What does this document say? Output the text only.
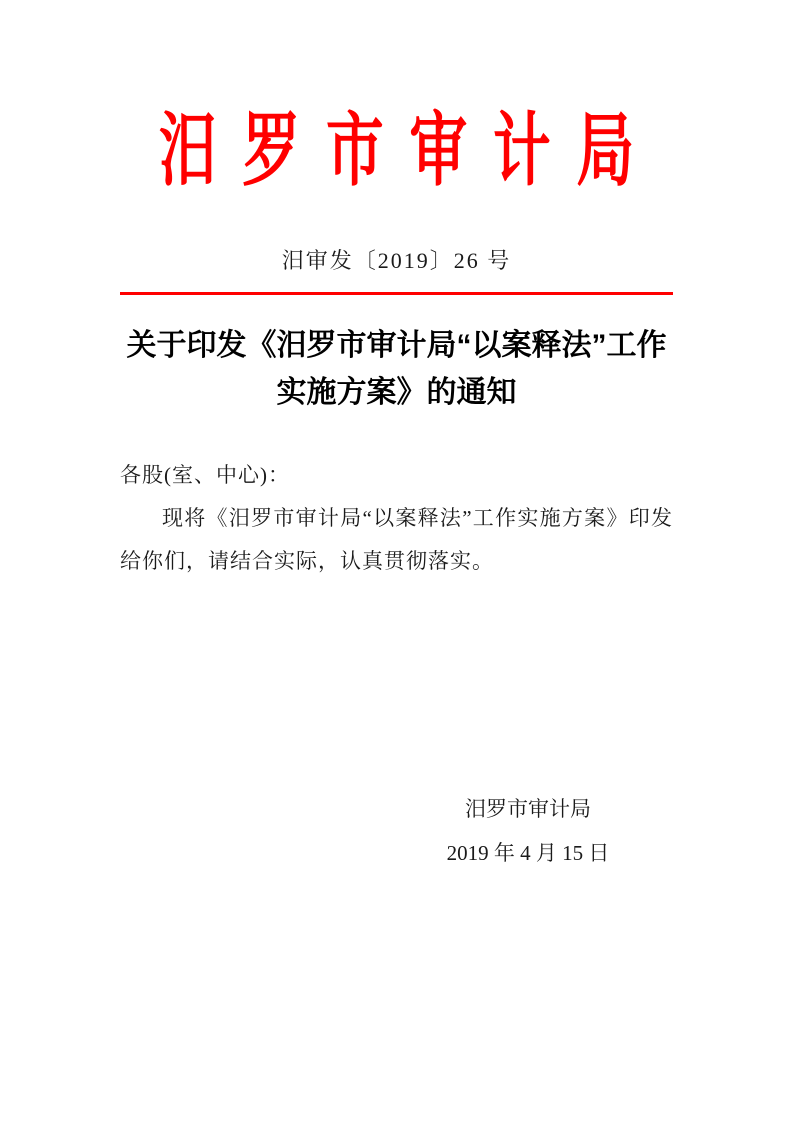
汨罗市审计局
汨审发〔2019〕26 号
关于印发《汨罗市审计局“以案释法”工作
实施方案》的通知
各股(室、中心)：

现将《汨罗市审计局“以案释法”工作实施方案》印发给你们，请结合实际，认真贯彻落实。

汨罗市审计局
2019 年 4 月 15 日
